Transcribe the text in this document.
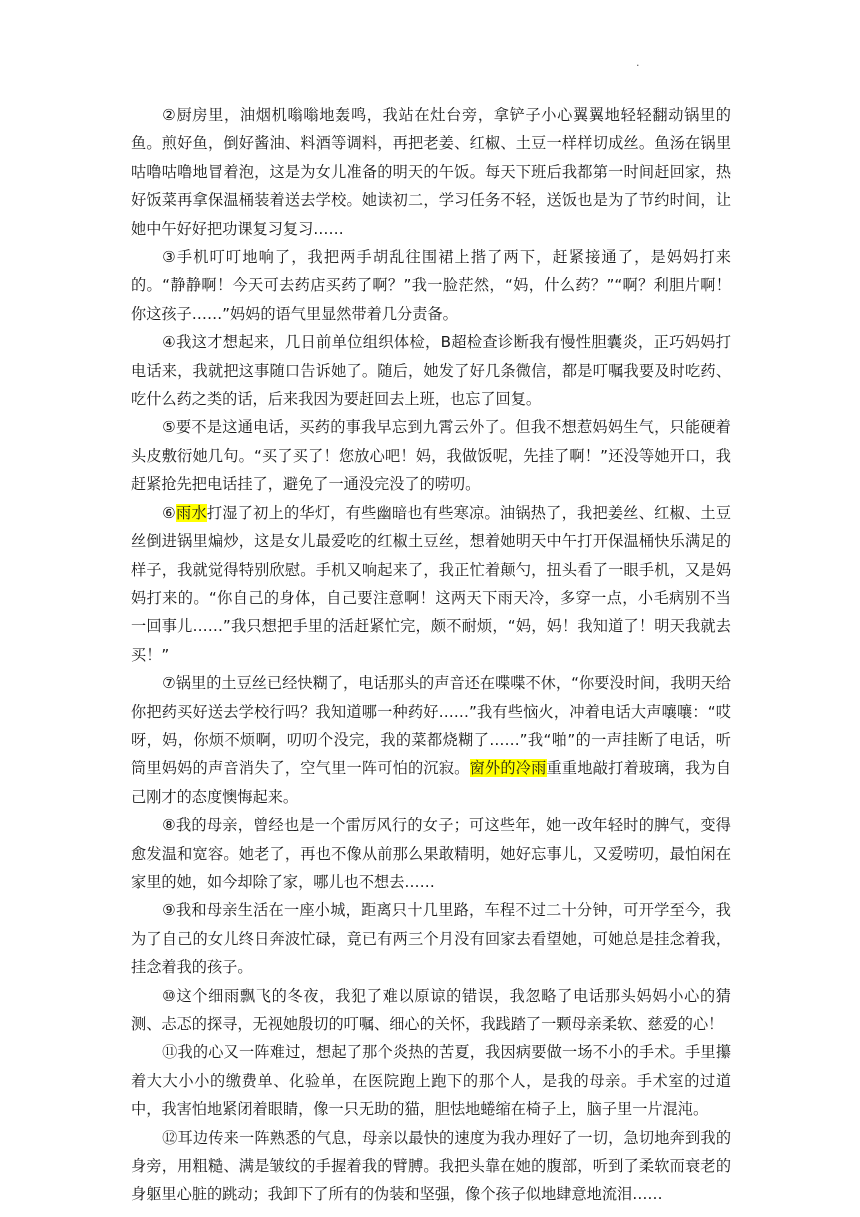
.

②厨房里，油烟机嗡嗡地轰鸣，我站在灶台旁，拿铲子小心翼翼地轻轻翻动锅里的鱼。煎好鱼，倒好酱油、料酒等调料，再把老姜、红椒、土豆一样样切成丝。鱼汤在锅里咕噜咕噜地冒着泡，这是为女儿准备的明天的午饭。每天下班后我都第一时间赶回家，热好饭菜再拿保温桶装着送去学校。她读初二，学习任务不轻，送饭也是为了节约时间，让她中午好好把功课复习复习……

③手机叮叮地响了，我把两手胡乱往围裙上揩了两下，赶紧接通了，是妈妈打来的。“静静啊！今天可去药店买药了啊？”我一脸茫然，“妈，什么药？”“啊？利胆片啊！你这孩子……”妈妈的语气里显然带着几分责备。

④我这才想起来，几日前单位组织体检，B超检查诊断我有慢性胆囊炎，正巧妈妈打电话来，我就把这事随口告诉她了。随后，她发了好几条微信，都是叮嘱我要及时吃药、吃什么药之类的话，后来我因为要赶回去上班，也忘了回复。

⑤要不是这通电话，买药的事我早忘到九霄云外了。但我不想惹妈妈生气，只能硬着头皮敷衍她几句。“买了买了！您放心吧！妈，我做饭呢，先挂了啊！”还没等她开口，我赶紧抢先把电话挂了，避免了一通没完没了的唠叨。

⑥雨水打湿了初上的华灯，有些幽暗也有些寒凉。油锅热了，我把姜丝、红椒、土豆丝倒进锅里煸炒，这是女儿最爱吃的红椒土豆丝，想着她明天中午打开保温桶快乐满足的样子，我就觉得特别欣慰。手机又响起来了，我正忙着颠勺，扭头看了一眼手机，又是妈妈打来的。“你自己的身体，自己要注意啊！这两天下雨天冷，多穿一点，小毛病别不当一回事儿……”我只想把手里的活赶紧忙完，颇不耐烦，“妈，妈！我知道了！明天我就去买！”

⑦锅里的土豆丝已经快糊了，电话那头的声音还在喋喋不休，“你要没时间，我明天给你把药买好送去学校行吗？我知道哪一种药好……”我有些恼火，冲着电话大声嚷嚷：“哎呀，妈，你烦不烦啊，叨叨个没完，我的菜都烧糊了……”我“啪”的一声挂断了电话，听筒里妈妈的声音消失了，空气里一阵可怕的沉寂。窗外的冷雨重重地敲打着玻璃，我为自己刚才的态度懊悔起来。

⑧我的母亲，曾经也是一个雷厉风行的女子；可这些年，她一改年轻时的脾气，变得愈发温和宽容。她老了，再也不像从前那么果敢精明，她好忘事儿，又爱唠叨，最怕闲在家里的她，如今却除了家，哪儿也不想去……

⑨我和母亲生活在一座小城，距离只十几里路，车程不过二十分钟，可开学至今，我为了自己的女儿终日奔波忙碌，竟已有两三个月没有回家去看望她，可她总是挂念着我，挂念着我的孩子。

⑩这个细雨飘飞的冬夜，我犯了难以原谅的错误，我忽略了电话那头妈妈小心的猜测、忐忑的探寻，无视她殷切的叮嘱、细心的关怀，我践踏了一颗母亲柔软、慈爱的心！

⑪我的心又一阵难过，想起了那个炎热的苦夏，我因病要做一场不小的手术。手里攥着大大小小的缴费单、化验单，在医院跑上跑下的那个人，是我的母亲。手术室的过道中，我害怕地紧闭着眼睛，像一只无助的猫，胆怯地蜷缩在椅子上，脑子里一片混沌。

⑫耳边传来一阵熟悉的气息，母亲以最快的速度为我办理好了一切，急切地奔到我的身旁，用粗糙、满是皱纹的手握着我的臂膊。我把头靠在她的腹部，听到了柔软而衰老的身躯里心脏的跳动；我卸下了所有的伪装和坚强，像个孩子似地肆意地流泪……
